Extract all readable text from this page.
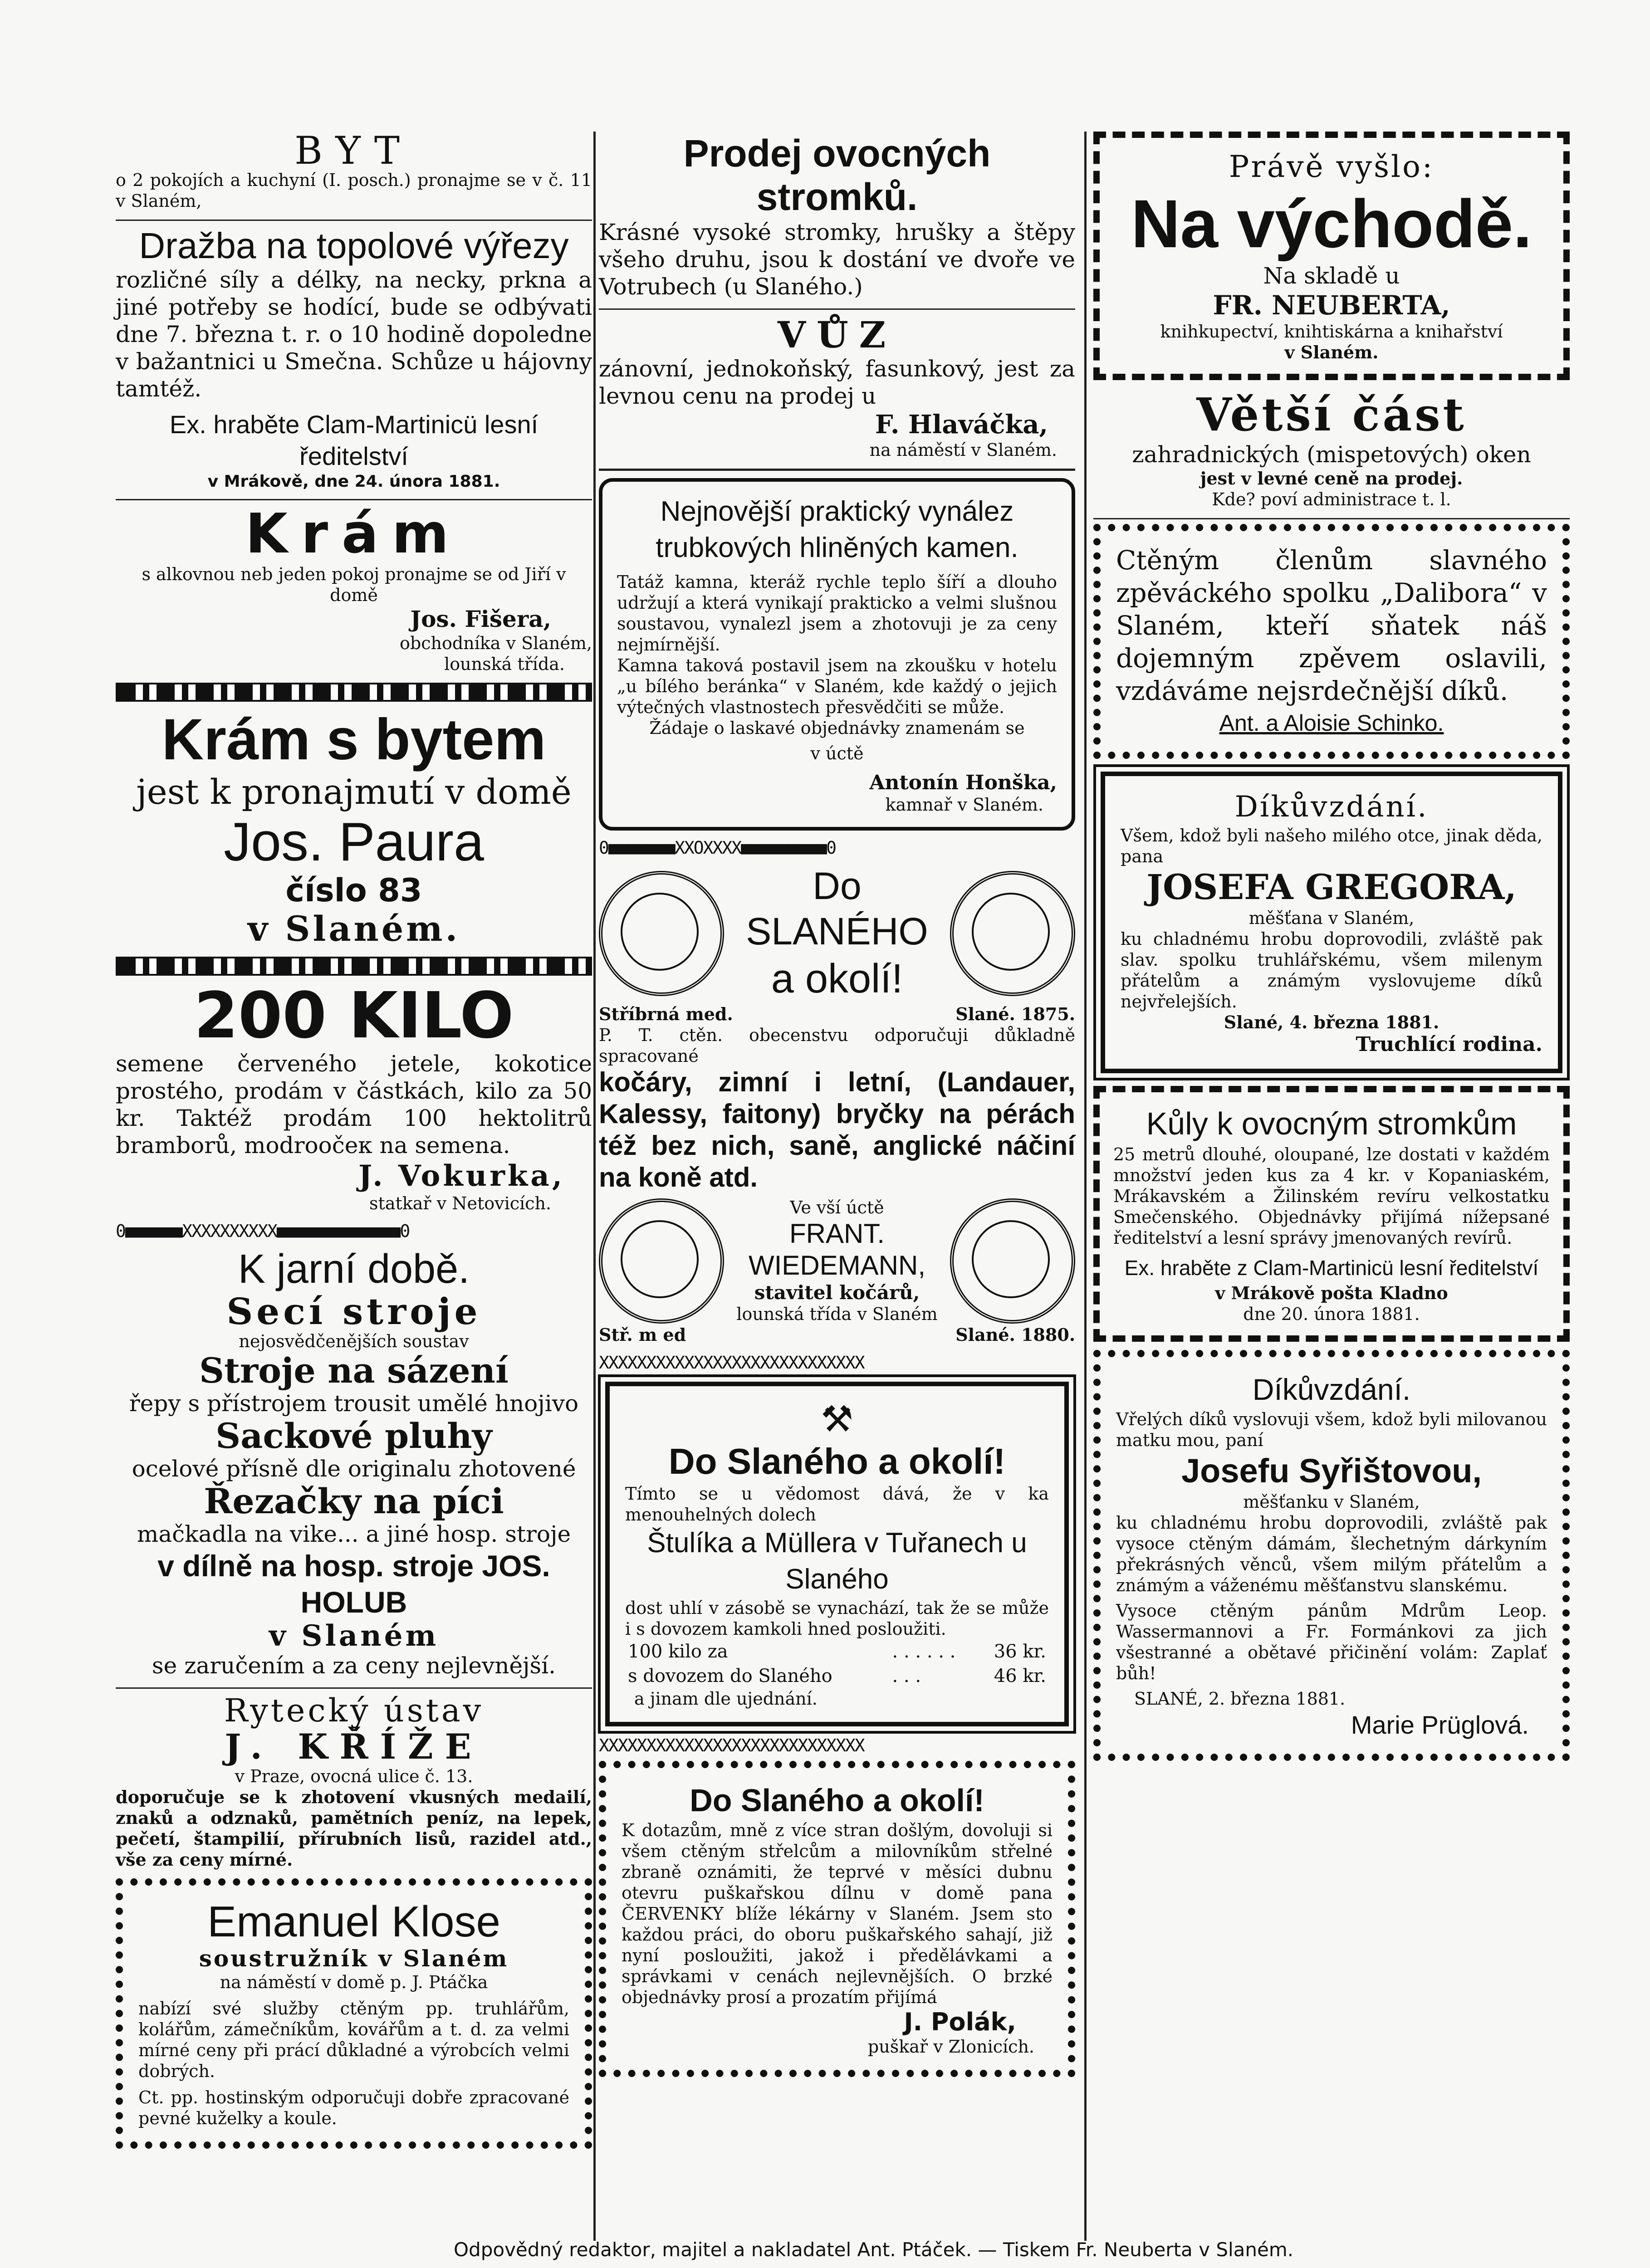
BYT

o 2 pokojích a kuchyní (I. posch.) pronajme se v č. 11 v Slaném,

Dražba na topolové výřezy

rozličné síly a délky, na necky, prkna a jiné potřeby se hodící, bude se odbývati dne 7. března t. r. o 10 hodině dopoledne v bažantnici u Smečna. Schůze u hájovny tamtéž.

Ex. hraběte Clam-Martinicü lesní ředitelství

v Mrákově, dne 24. února 1881.

Krám

s alkovnou neb jeden pokoj pronajme se od Jiří v domě

Jos. Fišera,

obchodníka v Slaném,

lounská třída.

Krám s bytem

jest k pronajmutí v domě

Jos. Paura

číslo 83

v Slaném.

200 KILO

semene červeného jetele, kokotice prostého, prodám v částkách, kilo za 50 kr. Taktéž prodám 100 hektolitrů bramborů, modroočeк na semena.

J. Vokurka,

statkař v Netovicích.

0■■■■■■XXXXXXXXXX■■■■■■■■■■■■■0

K jarní době.

Secí stroje

nejosvědčenějších soustav

Stroje na sázení

řepy s přístrojem trousit umělé hnojivo

Sackové pluhy

ocelové přísně dle originalu zhotovené

Řezačky na píci

mačkadla na vike... a jiné hosp. stroje

v dílně na hosp. stroje JOS. HOLUB

v Slaném

se zaručením a za ceny nejlevnější.

Rytecký ústav

J. KŘÍŽE

v Praze, ovocná ulice č. 13.

doporučuje se k zhotovení vkusných medailí, znaků a odznaků, pamětních peníz, na lepek, pečetí, štampilií, přírubních lisů, razidel atd., vše za ceny mírné.

Emanuel Klose

soustružník v Slaném

na náměstí v domě p. J. Ptáčka

nabízí své služby ctěným pp. truhlářům, kolářům, zámečníkům, kovářům a t. d. za velmi mírné ceny při prácí důkladné a výrobcích velmi dobrých.

Ct. pp. hostinským odporučuji dobře zpracované pevné kuželky a koule.

Prodej ovocných stromků.

Krásné vysoké stromky, hrušky a štěpy všeho druhu, jsou k dostání ve dvoře ve Votrubech (u Slaného.)

VŮZ

zánovní, jednokoňský, fasunkový, jest za levnou cenu na prodej u

F. Hlaváčka,

na náměstí v Slaném.

Nejnovější praktický vynález trubkových hliněných kamen.

Tatáž kamna, kteráž rychle teplo šíří a dlouho udržují a která vynikají prakticko a velmi slušnou soustavou, vynalezl jsem a zhotovuji je za ceny nejmírnější.

Kamna taková postavil jsem na zkoušku v hotelu „u bílého beránka“ v Slaném, kde každý o jejich výtečných vlastnostech přesvědčiti se může.

Žádaje o laskavé objednávky znamenám se

v úctě

Antonín Honška,

kamnař v Slaném.

0■■■■■■■XXOXXXX■■■■■■■■■0

Do SLANÉHO

a okolí!

Stříbrná med.	Slané. 1875.

P. T. ctěn. obecenstvu odporučuji důkladně spracované

kočáry, zimní i letní, (Landauer, Kalessy, faitony) bryčky na pérách též bez nich, saně, anglické náčiní na koně atd.

Ve vší úctě

FRANT. WIEDEMANN,

stavitel kočárů,

lounská třída v Slaném

Stř. m ed	Slané. 1880.
XXXXXXXXXXXXXXXXXXXXXXXXXXXX

⚒

Do Slaného a okolí!

Tímto se u vědomost dává, že v ka menouhelných dolech

Štulíka a Müllera v Tuřanech u Slaného

dost uhlí v zásobě se vynachází, tak že se může i s dovozem kamkoli hned posloužiti.

100 kilo za	. . . . . .	36 kr.
s dovozem do Slaného	. . .	46 kr.

a jinam dle ujednání.

XXXXXXXXXXXXXXXXXXXXXXXXXXXX

Do Slaného a okolí!

K dotazům, mně z více stran došlým, dovoluji si všem ctěným střelcům a milovníkům střelné zbraně oznámiti, že teprvé v měsíci dubnu otevru puškařskou dílnu v domě pana ČERVENKY blíže lékárny v Slaném. Jsem sto každou práci, do oboru puškařského sahají, již nyní posloužiti, jakož i předělávkami a správkami v cenách nejlevnějších. O brzké objednávky prosí a prozatím přijímá

J. Polák,

puškař v Zlonicích.

Právě vyšlo:

Na východě.

Na skladě u

FR. NEUBERTA,

knihkupectví, knihtiskárna a knihařství

v Slaném.

Větší část

zahradnických (mispetových) oken

jest v levné ceně na prodej.

Kde? poví administrace t. l.

Ctěným členům slavného zpěváckého spolku „Dalibora“ v Slaném, kteří sňatek náš dojemným zpěvem oslavili, vzdáváme nejsrdečnější díků.

Ant. a Aloisie Schinko.

Díkůvzdání.

Všem, kdož byli našeho milého otce, jinak děda, pana

JOSEFA GREGORA,

měšťana v Slaném,

ku chladnému hrobu doprovodili, zvláště pak slav. spolku truhlářskému, všem milenym přátelům a známým vyslovujeme díků nejvřelejších.

Slané, 4. března 1881.

Truchlící rodina.

Kůly k ovocným stromkům

25 metrů dlouhé, oloupané, lze dostati v každém množství jeden kus za 4 kr. v Kopaniaském, Mrákavském a Žilinském revíru velkostatku Smečenského. Objednávky přijímá nížepsané ředitelství a lesní správy jmenovaných revírů.

Ex. hraběte z Clam-Martinicü lesní ředitelství

v Mrákově pošta Kladno

dne 20. února 1881.

Díkůvzdání.

Vřelých díků vyslovuji všem, kdož byli milovanou matku mou, paní

Josefu Syřištovou,

měšťanku v Slaném,

ku chladnému hrobu doprovodili, zvláště pak vysoce ctěným dámám, šlechetným dárkyním překrásných věnců, všem milým přátelům a známým a váženému měšťanstvu slanskému.

Vysoce ctěným pánům Mdrům Leop. Wassermannovi a Fr. Formánkovi za jich všestranné a obětavé přičinění volám: Zaplať bůh!

SLANÉ, 2. března 1881.

Marie Prüglová.

Odpovědný redaktor, majitel a nakladatel Ant. Ptáček. — Tiskem Fr. Neuberta v Slaném.
